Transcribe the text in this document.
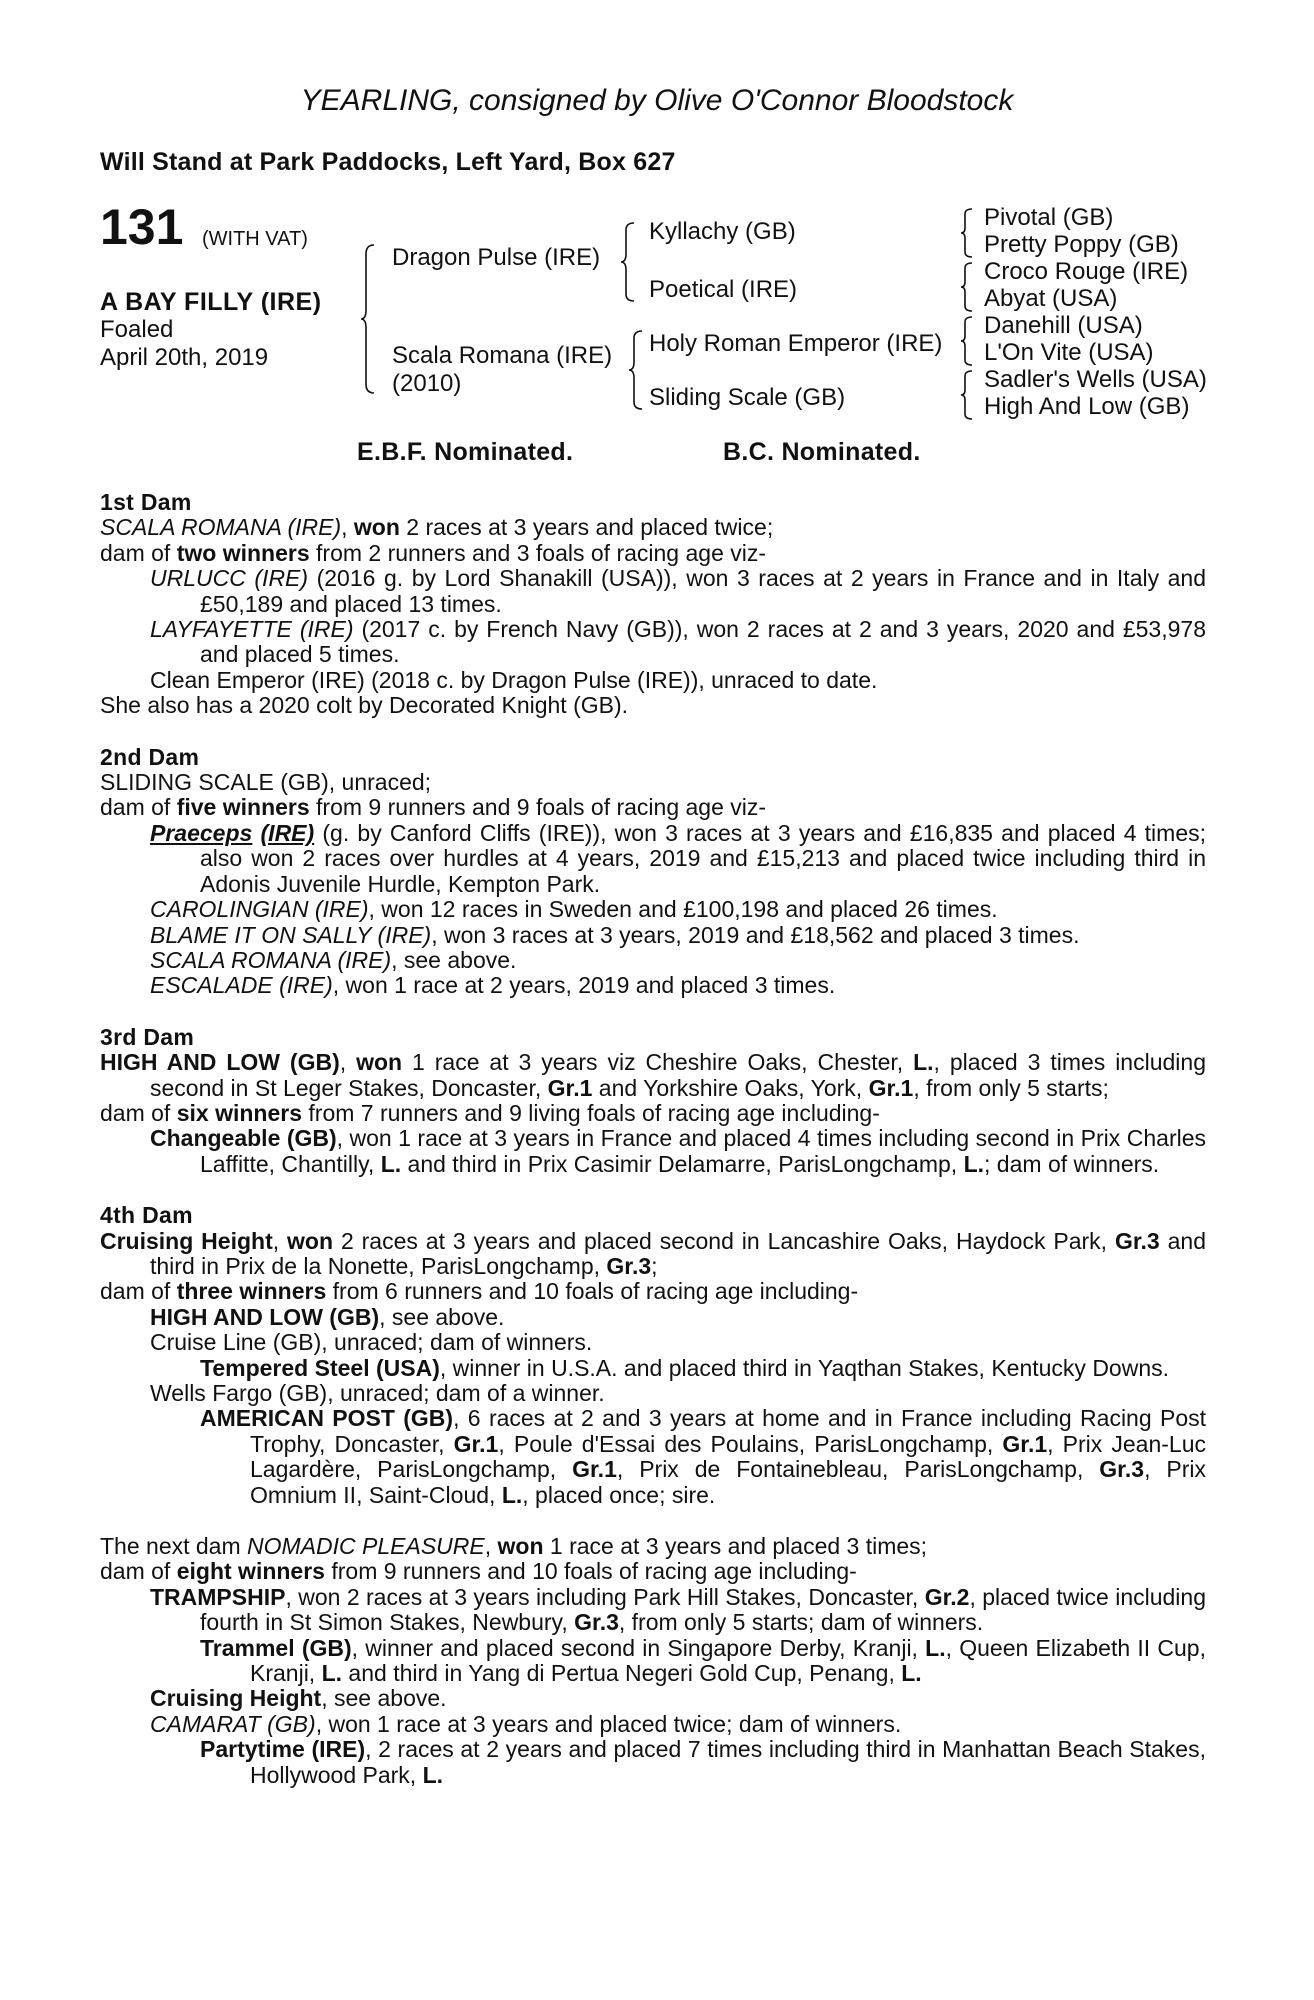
YEARLING, consigned by Olive O'Connor Bloodstock
Will Stand at Park Paddocks, Left Yard, Box 627
131 (WITH VAT)
A BAY FILLY (IRE)
Foaled
April 20th, 2019
Dragon Pulse (IRE)
Scala Romana (IRE)
(2010)
Kyllachy (GB)
Poetical (IRE)
Holy Roman Emperor (IRE)
Sliding Scale (GB)
Pivotal (GB)
Pretty Poppy (GB)
Croco Rouge (IRE)
Abyat (USA)
Danehill (USA)
L'On Vite (USA)
Sadler's Wells (USA)
High And Low (GB)
E.B.F. Nominated.	B.C. Nominated.
1st Dam

SCALA ROMANA (IRE), won 2 races at 3 years and placed twice;

dam of two winners from 2 runners and 3 foals of racing age viz-

URLUCC (IRE) (2016 g. by Lord Shanakill (USA)), won 3 races at 2 years in France and in Italy and £50,189 and placed 13 times.

LAYFAYETTE (IRE) (2017 c. by French Navy (GB)), won 2 races at 2 and 3 years, 2020 and £53,978 and placed 5 times.

Clean Emperor (IRE) (2018 c. by Dragon Pulse (IRE)), unraced to date.

She also has a 2020 colt by Decorated Knight (GB).

2nd Dam

SLIDING SCALE (GB), unraced;

dam of five winners from 9 runners and 9 foals of racing age viz-

Praeceps (IRE) (g. by Canford Cliffs (IRE)), won 3 races at 3 years and £16,835 and placed 4 times; also won 2 races over hurdles at 4 years, 2019 and £15,213 and placed twice including third in Adonis Juvenile Hurdle, Kempton Park.

CAROLINGIAN (IRE), won 12 races in Sweden and £100,198 and placed 26 times.

BLAME IT ON SALLY (IRE), won 3 races at 3 years, 2019 and £18,562 and placed 3 times.

SCALA ROMANA (IRE), see above.

ESCALADE (IRE), won 1 race at 2 years, 2019 and placed 3 times.

3rd Dam

HIGH AND LOW (GB), won 1 race at 3 years viz Cheshire Oaks, Chester, L., placed 3 times including second in St Leger Stakes, Doncaster, Gr.1 and Yorkshire Oaks, York, Gr.1, from only 5 starts;

dam of six winners from 7 runners and 9 living foals of racing age including-

Changeable (GB), won 1 race at 3 years in France and placed 4 times including second in Prix Charles Laffitte, Chantilly, L. and third in Prix Casimir Delamarre, ParisLongchamp, L.; dam of winners.

4th Dam

Cruising Height, won 2 races at 3 years and placed second in Lancashire Oaks, Haydock Park, Gr.3 and third in Prix de la Nonette, ParisLongchamp, Gr.3;

dam of three winners from 6 runners and 10 foals of racing age including-

HIGH AND LOW (GB), see above.

Cruise Line (GB), unraced; dam of winners.

Tempered Steel (USA), winner in U.S.A. and placed third in Yaqthan Stakes, Kentucky Downs.

Wells Fargo (GB), unraced; dam of a winner.

AMERICAN POST (GB), 6 races at 2 and 3 years at home and in France including Racing Post Trophy, Doncaster, Gr.1, Poule d'Essai des Poulains, ParisLongchamp, Gr.1, Prix Jean-Luc Lagardère, ParisLongchamp, Gr.1, Prix de Fontainebleau, ParisLongchamp, Gr.3, Prix Omnium II, Saint-Cloud, L., placed once; sire.

The next dam NOMADIC PLEASURE, won 1 race at 3 years and placed 3 times;

dam of eight winners from 9 runners and 10 foals of racing age including-

TRAMPSHIP, won 2 races at 3 years including Park Hill Stakes, Doncaster, Gr.2, placed twice including fourth in St Simon Stakes, Newbury, Gr.3, from only 5 starts; dam of winners.

Trammel (GB), winner and placed second in Singapore Derby, Kranji, L., Queen Elizabeth II Cup, Kranji, L. and third in Yang di Pertua Negeri Gold Cup, Penang, L.

Cruising Height, see above.

CAMARAT (GB), won 1 race at 3 years and placed twice; dam of winners.

Partytime (IRE), 2 races at 2 years and placed 7 times including third in Manhattan Beach Stakes, Hollywood Park, L.
